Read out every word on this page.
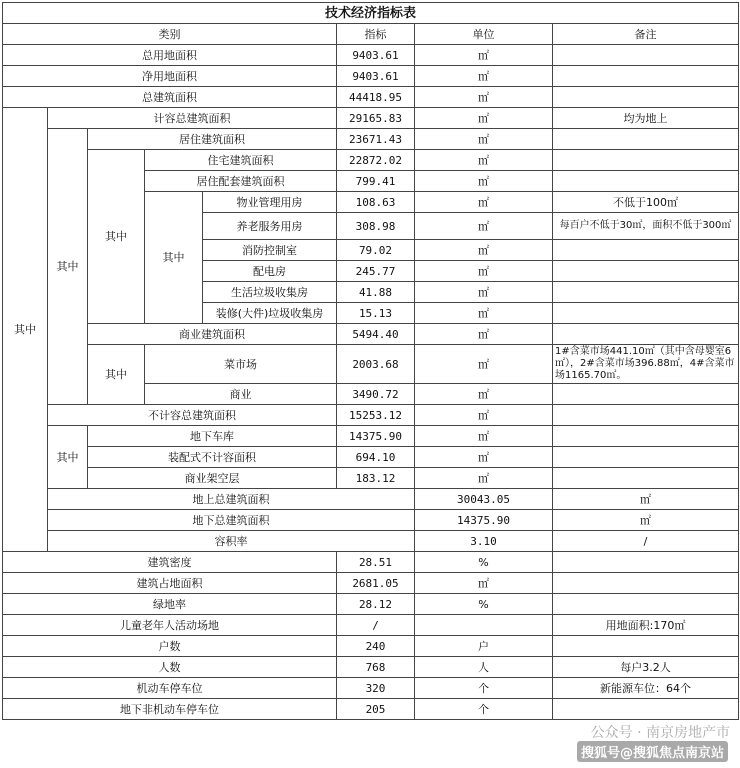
技术经济指标表								
类别					指标	单位	备注	
总用地面积					9403.61	㎡		
净用地面积					9403.61	㎡		
总建筑面积					44418.95	㎡		
其中	计容总建筑面积				29165.83	㎡	均为地上	
	其中	居住建筑面积			23671.43	㎡		
		其中	住宅建筑面积		22872.02	㎡		
			居住配套建筑面积		799.41	㎡		
			其中	物业管理用房	108.63	㎡	不低于100㎡	
				养老服务用房	308.98	㎡	每百户不低于30㎡，面积不低于300㎡	
				消防控制室	79.02	㎡		
				配电房	245.77	㎡		
				生活垃圾收集房	41.88	㎡		
				装修(大件)垃圾收集房	15.13	㎡		
		商业建筑面积			5494.40	㎡		
		其中	菜市场		2003.68	㎡	1#含菜市场441.10㎡（其中含母婴室6㎡），2#含菜市场396.88㎡，4#含菜市场1165.70㎡。	
			商业		3490.72	㎡		
	不计容总建筑面积				15253.12	㎡		
	其中	地下车库			14375.90	㎡		
		装配式不计容面积			694.10	㎡		
		商业架空层			183.12	㎡		
	地上总建筑面积					30043.05	㎡	
	地下总建筑面积					14375.90	㎡	
	容积率					3.10	/	
建筑密度					28.51	%		
建筑占地面积					2681.05	㎡		
绿地率					28.12	%		
儿童老年人活动场地					/		用地面积:170㎡	
户数					240	户		
人数					768	人	每户3.2人	
机动车停车位					320	个	新能源车位：64个	
地下非机动车停车位					205	个		
公众号 · 南京房地产市
搜狐号@搜狐焦点南京站
